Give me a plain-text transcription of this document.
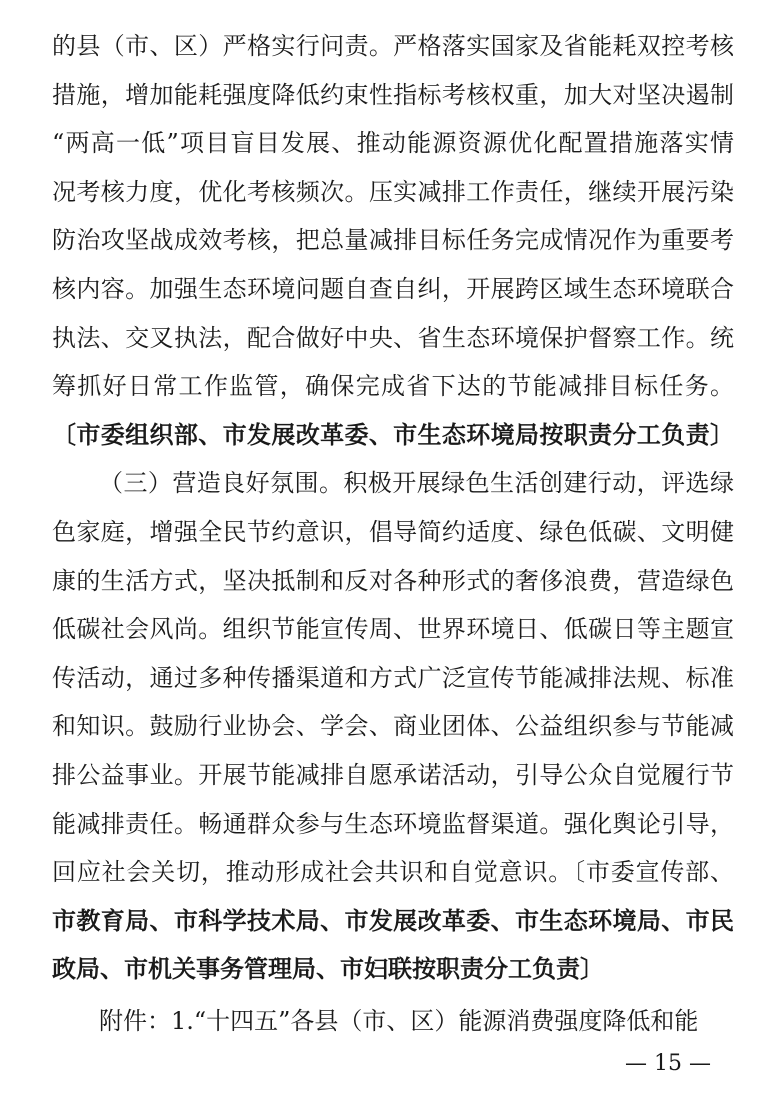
的县（市、区）严格实行问责。严格落实国家及省能耗双控考核
措施，增加能耗强度降低约束性指标考核权重，加大对坚决遏制
“两高一低”项目盲目发展、推动能源资源优化配置措施落实情
况考核力度，优化考核频次。压实减排工作责任，继续开展污染
防治攻坚战成效考核，把总量减排目标任务完成情况作为重要考
核内容。加强生态环境问题自查自纠，开展跨区域生态环境联合
执法、交叉执法，配合做好中央、省生态环境保护督察工作。统
筹抓好日常工作监管，确保完成省下达的节能减排目标任务。
〔市委组织部、市发展改革委、市生态环境局按职责分工负责〕
（三）营造良好氛围。积极开展绿色生活创建行动，评选绿
色家庭，增强全民节约意识，倡导简约适度、绿色低碳、文明健
康的生活方式，坚决抵制和反对各种形式的奢侈浪费，营造绿色
低碳社会风尚。组织节能宣传周、世界环境日、低碳日等主题宣
传活动，通过多种传播渠道和方式广泛宣传节能减排法规、标准
和知识。鼓励行业协会、学会、商业团体、公益组织参与节能减
排公益事业。开展节能减排自愿承诺活动，引导公众自觉履行节
能减排责任。畅通群众参与生态环境监督渠道。强化舆论引导，
回应社会关切，推动形成社会共识和自觉意识。〔市委宣传部、
市教育局、市科学技术局、市发展改革委、市生态环境局、市民
政局、市机关事务管理局、市妇联按职责分工负责〕
附件：1.“十四五”各县（市、区）能源消费强度降低和能
— 15 —
